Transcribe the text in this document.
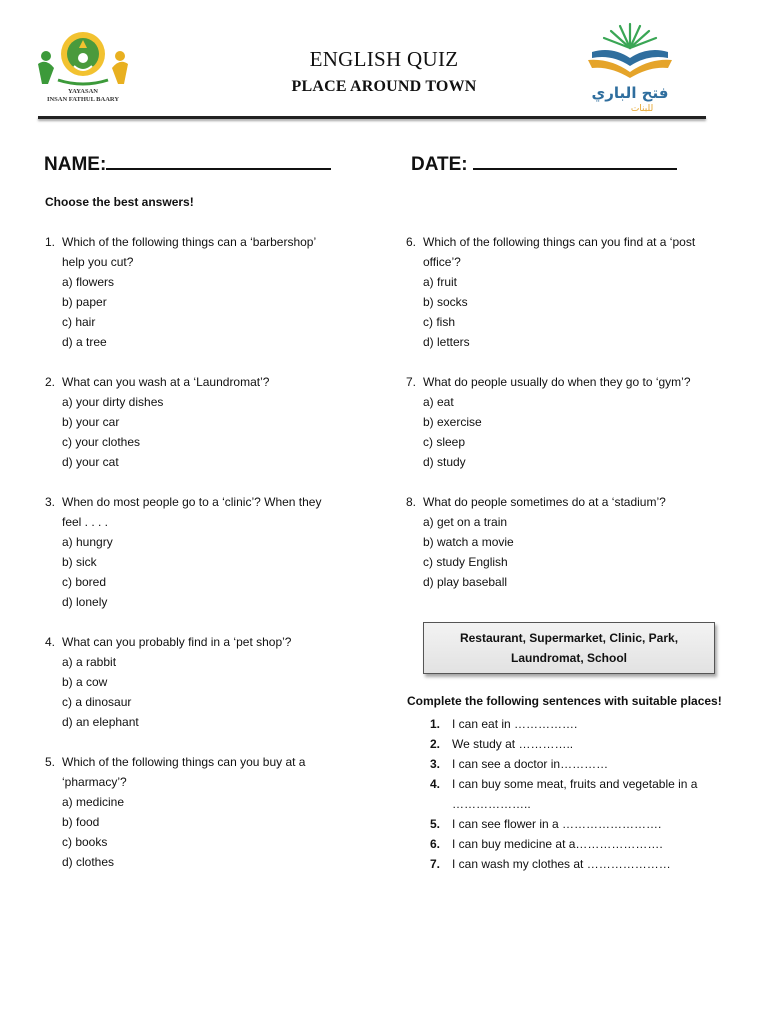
YAYASAN
INSAN FATHUL BAARY	فتح الباري
للبنات
ENGLISH QUIZ
PLACE AROUND TOWN
NAME:	DATE:
Choose the best answers!
1. Which of the following things can a ‘barbershop’
help you cut?
a) flowers
b) paper
c) hair
d) a tree
2. What can you wash at a ‘Laundromat’?
a) your dirty dishes
b) your car
c) your clothes
d) your cat
3. When do most people go to a ‘clinic’? When they
feel . . . .
a) hungry
b) sick
c) bored
d) lonely
4. What can you probably find in a ‘pet shop’?
a) a rabbit
b) a cow
c) a dinosaur
d) an elephant
5. Which of the following things can you buy at a
‘pharmacy’?
a) medicine
b) food
c) books
d) clothes
6. Which of the following things can you find at a ‘post
office’?
a) fruit
b) socks
c) fish
d) letters
7. What do people usually do when they go to ‘gym’?
a) eat
b) exercise
c) sleep
d) study
8. What do people sometimes do at a ‘stadium’?
a) get on a train
b) watch a movie
c) study English
d) play baseball
Restaurant, Supermarket, Clinic, Park, Laundromat, School
Complete the following sentences with suitable places!
1. I can eat in …………….
2. We study at …………..
3. I can see a doctor in…………
4. I can buy some meat, fruits and vegetable in a
………………..
5. I can see flower in a …………………….
6. I can buy medicine at a………………….
7. I can wash my clothes at …………………
